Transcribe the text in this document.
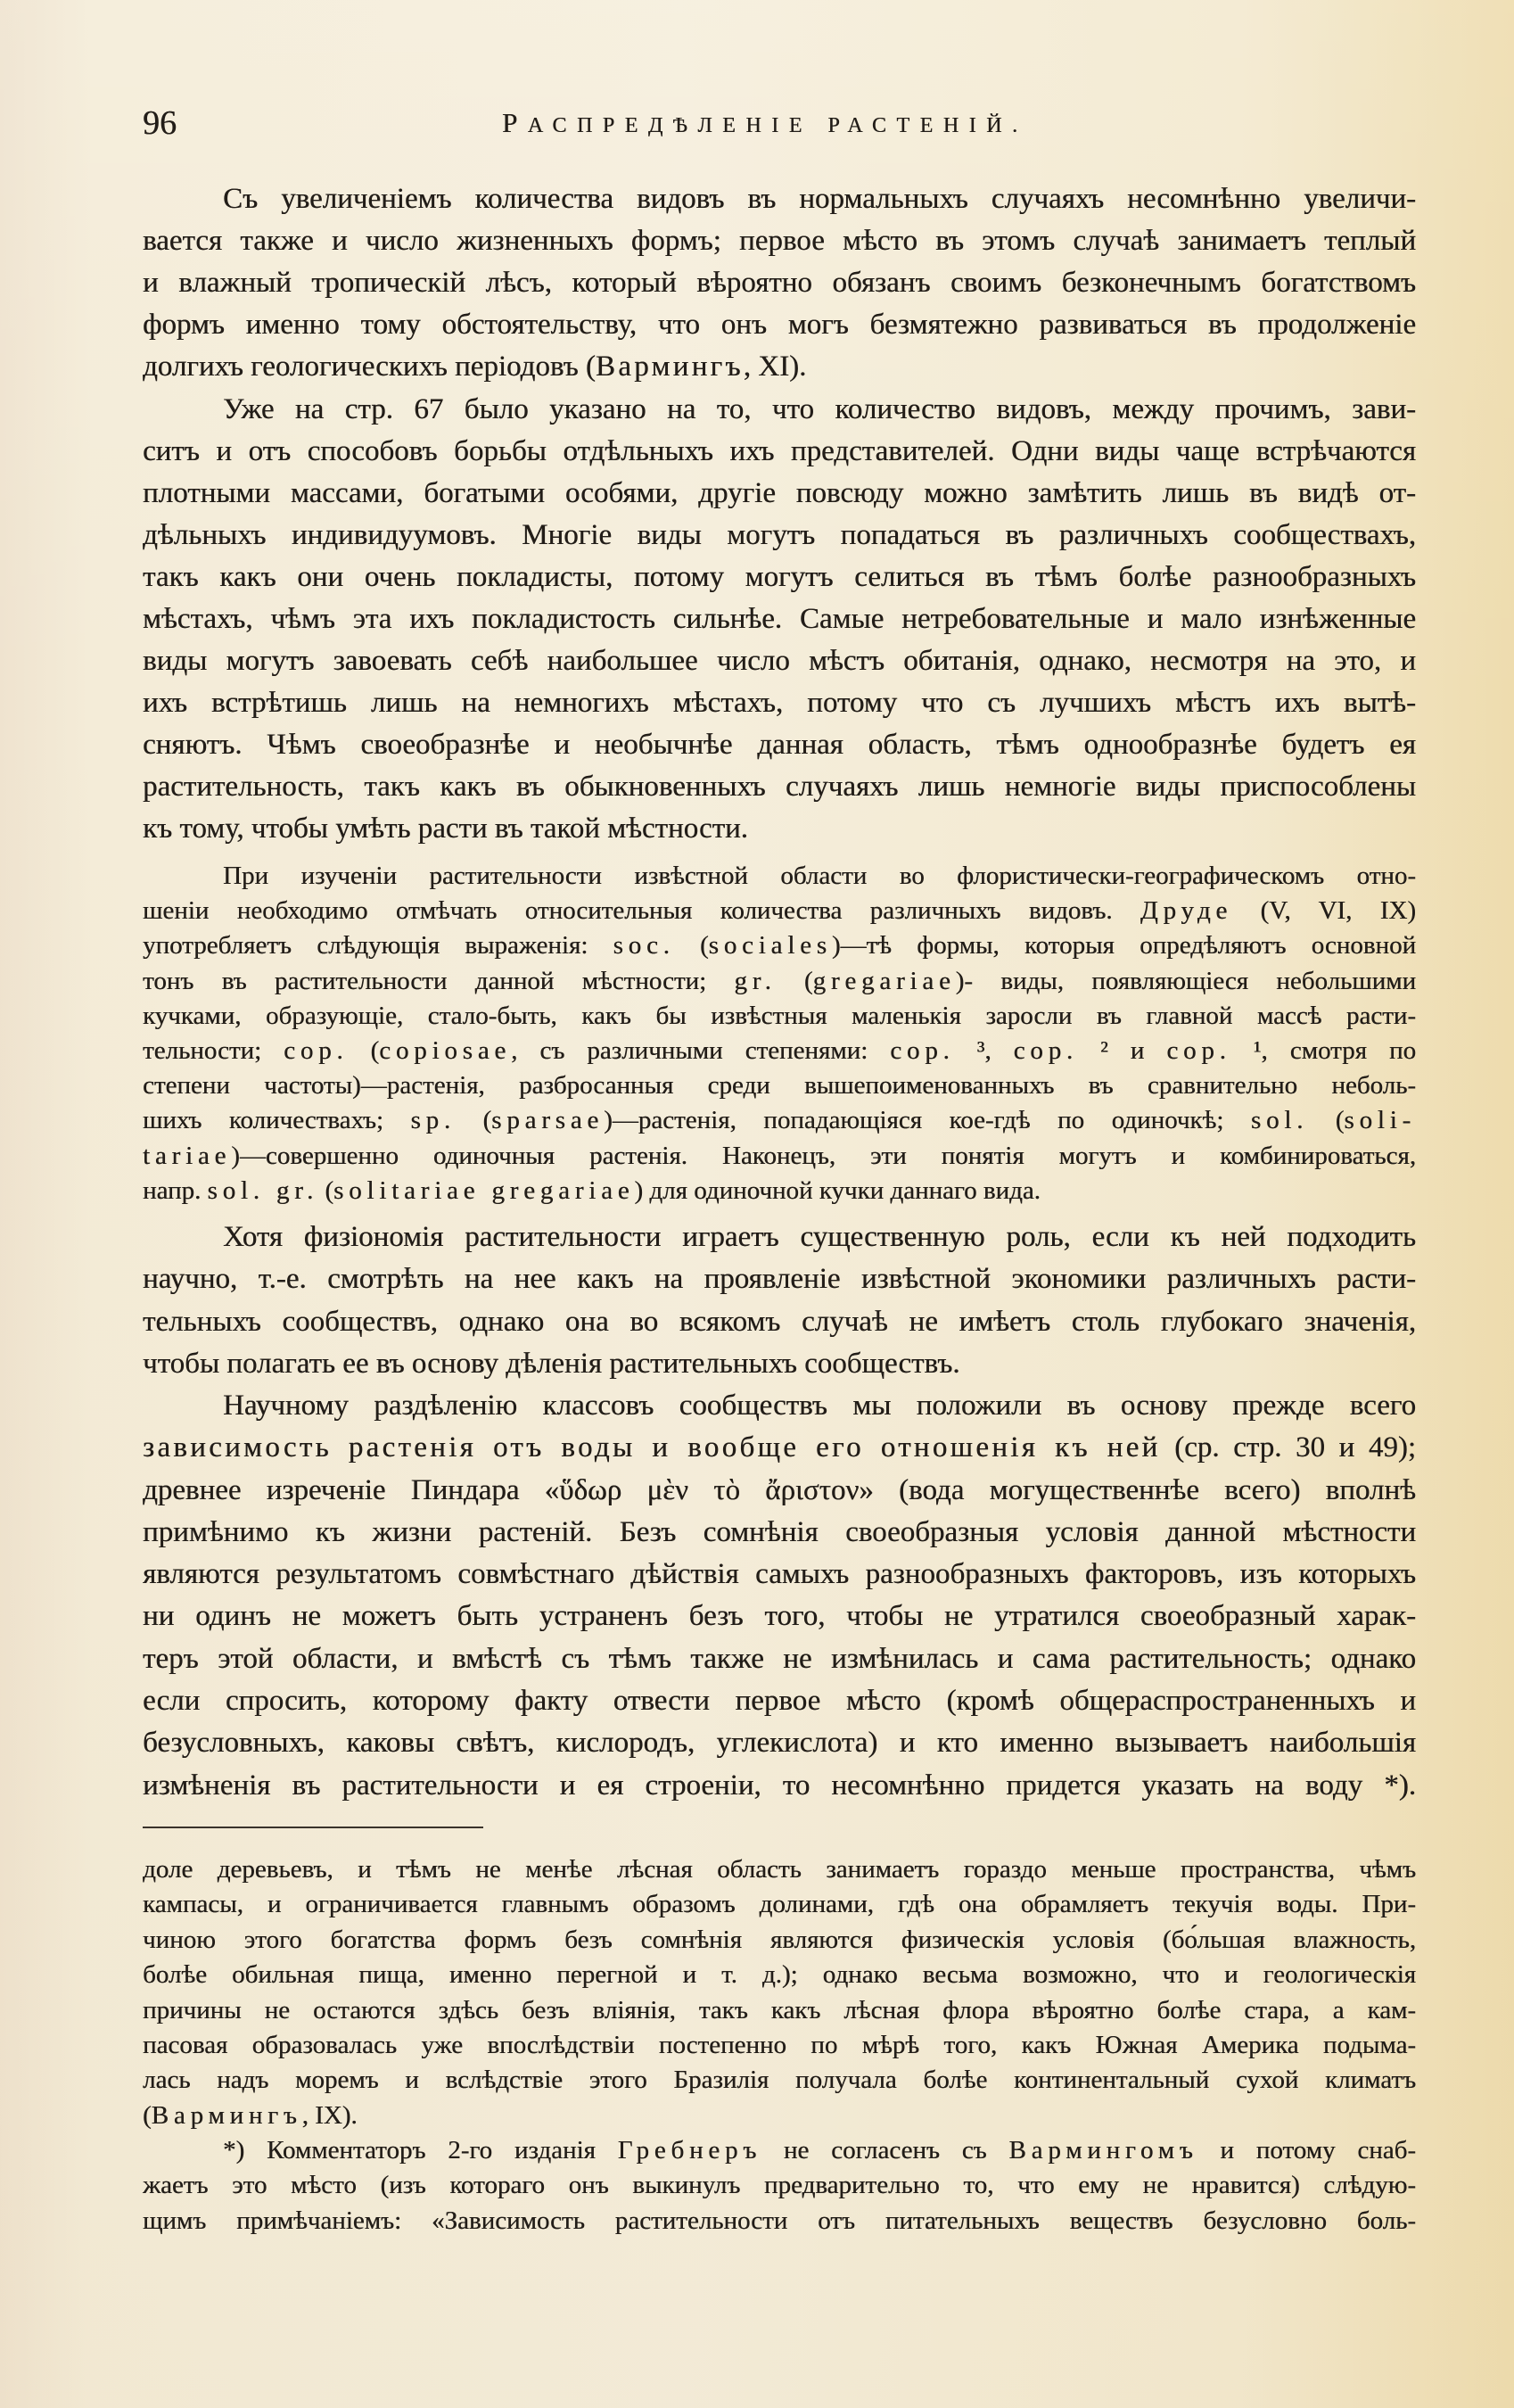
96	РАСПРЕДѢЛЕНІЕ РАСТЕНІЙ.
Съ увеличеніемъ количества видовъ въ нормальныхъ случаяхъ несомнѣнно увеличи-
вается также и число жизненныхъ формъ; первое мѣсто въ этомъ случаѣ занимаетъ теплый
и влажный тропическій лѣсъ, который вѣроятно обязанъ своимъ безконечнымъ богатствомъ
формъ именно тому обстоятельству, что онъ могъ безмятежно развиваться въ продолженіе
долгихъ геологическихъ періодовъ (Вармингъ, XI).
Уже на стр. 67 было указано на то, что количество видовъ, между прочимъ, зави-
ситъ и отъ способовъ борьбы отдѣльныхъ ихъ представителей. Одни виды чаще встрѣчаются
плотными массами, богатыми особями, другіе повсюду можно замѣтить лишь въ видѣ от-
дѣльныхъ индивидуумовъ. Многіе виды могутъ попадаться въ различныхъ сообществахъ,
такъ какъ они очень покладисты, потому могутъ селиться въ тѣмъ болѣе разнообразныхъ
мѣстахъ, чѣмъ эта ихъ покладистость сильнѣе. Самые нетребовательные и мало изнѣженные
виды могутъ завоевать себѣ наибольшее число мѣстъ обитанія, однако, несмотря на это, и
ихъ встрѣтишь лишь на немногихъ мѣстахъ, потому что съ лучшихъ мѣстъ ихъ вытѣ-
сняютъ. Чѣмъ своеобразнѣе и необычнѣе данная область, тѣмъ однообразнѣе будетъ ея
растительность, такъ какъ въ обыкновенныхъ случаяхъ лишь немногіе виды приспособлены
къ тому, чтобы умѣть расти въ такой мѣстности.
При изученіи растительности извѣстной области во флористически-географическомъ отно-
шеніи необходимо отмѣчать относительныя количества различныхъ видовъ. Друде (V, VI, IX)
употребляетъ слѣдующія выраженія: soc. (sociales)—тѣ формы, которыя опредѣляютъ основной
тонъ въ растительности данной мѣстности; gr. (gregariae)- виды, появляющіеся небольшими
кучками, образующіе, стало-быть, какъ бы извѣстныя маленькія заросли въ главной массѣ расти-
тельности; cop. (copiosae, съ различными степенями: cop. ³, cop. ² и cop. ¹, смотря по
степени частоты)—растенія, разбросанныя среди вышепоименованныхъ въ сравнительно неболь-
шихъ количествахъ; sp. (sparsae)—растенія, попадающіяся кое-гдѣ по одиночкѣ; sol. (soli-
tariae)—совершенно одиночныя растенія. Наконецъ, эти понятія могутъ и комбинироваться,
напр. sol. gr. (solitariae gregariae) для одиночной кучки даннаго вида.
Хотя физіономія растительности играетъ существенную роль, если къ ней подходить
научно, т.-е. смотрѣть на нее какъ на проявленіе извѣстной экономики различныхъ расти-
тельныхъ сообществъ, однако она во всякомъ случаѣ не имѣетъ столь глубокаго значенія,
чтобы полагать ее въ основу дѣленія растительныхъ сообществъ.
Научному раздѣленію классовъ сообществъ мы положили въ основу прежде всего
зависимость растенія отъ воды и вообще его отношенія къ ней (ср. стр. 30 и 49);
древнее изреченіе Пиндара «ὕδωρ μὲν τὸ ἄριστον» (вода могущественнѣе всего) вполнѣ
примѣнимо къ жизни растеній. Безъ сомнѣнія своеобразныя условія данной мѣстности
являются результатомъ совмѣстнаго дѣйствія самыхъ разнообразныхъ факторовъ, изъ которыхъ
ни одинъ не можетъ быть устраненъ безъ того, чтобы не утратился своеобразный харак-
теръ этой области, и вмѣстѣ съ тѣмъ также не измѣнилась и сама растительность; однако
если спросить, которому факту отвести первое мѣсто (кромѣ общераспространенныхъ и
безусловныхъ, каковы свѣтъ, кислородъ, углекислота) и кто именно вызываетъ наибольшія
измѣненія въ растительности и ея строеніи, то несомнѣнно придется указать на воду *).
доле деревьевъ, и тѣмъ не менѣе лѣсная область занимаетъ гораздо меньше пространства, чѣмъ
кампасы, и ограничивается главнымъ образомъ долинами, гдѣ она обрамляетъ текучія воды. При-
чиною этого богатства формъ безъ сомнѣнія являются физическія условія (бо́льшая влажность,
болѣе обильная пища, именно перегной и т. д.); однако весьма возможно, что и геологическія
причины не остаются здѣсь безъ вліянія, такъ какъ лѣсная флора вѣроятно болѣе стара, а кам-
пасовая образовалась уже впослѣдствіи постепенно по мѣрѣ того, какъ Южная Америка подыма-
лась надъ моремъ и вслѣдствіе этого Бразилія получала болѣе континентальный сухой климатъ
(Вармингъ, IX).
*) Комментаторъ 2-го изданія Гребнеръ не согласенъ съ Вармингомъ и потому снаб-
жаетъ это мѣсто (изъ котораго онъ выкинулъ предварительно то, что ему не нравится) слѣдую-
щимъ примѣчаніемъ: «Зависимость растительности отъ питательныхъ веществъ безусловно боль-
